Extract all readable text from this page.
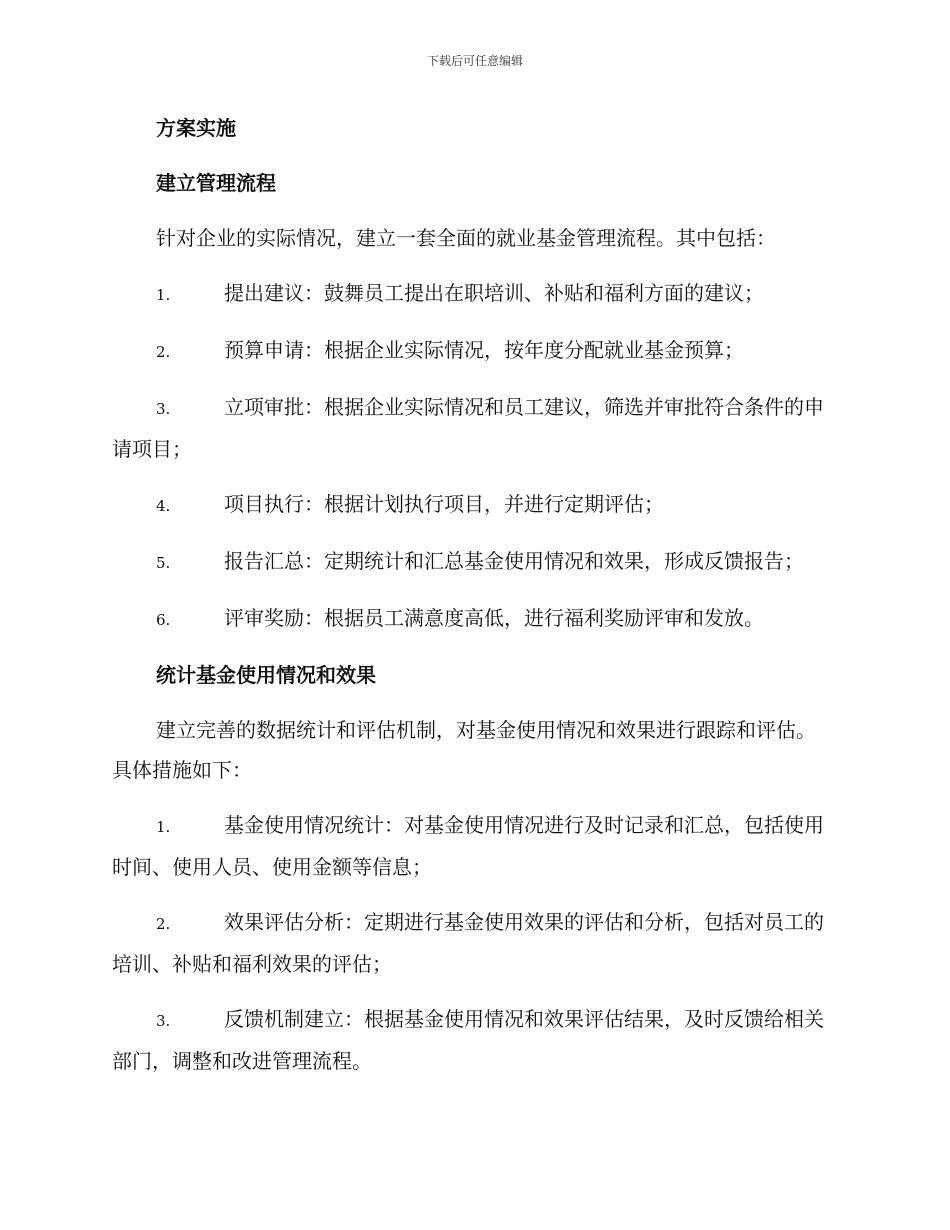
下载后可任意编辑
方案实施
建立管理流程
针对企业的实际情况，建立一套全面的就业基金管理流程。其中包括：
1.	提出建议：鼓舞员工提出在职培训、补贴和福利方面的建议；
2.	预算申请：根据企业实际情况，按年度分配就业基金预算；
3.	立项审批：根据企业实际情况和员工建议，筛选并审批符合条件的申请项目；
4.	项目执行：根据计划执行项目，并进行定期评估；
5.	报告汇总：定期统计和汇总基金使用情况和效果，形成反馈报告；
6.	评审奖励：根据员工满意度高低，进行福利奖励评审和发放。
统计基金使用情况和效果
建立完善的数据统计和评估机制，对基金使用情况和效果进行跟踪和评估。具体措施如下：
1.	基金使用情况统计：对基金使用情况进行及时记录和汇总，包括使用时间、使用人员、使用金额等信息；
2.	效果评估分析：定期进行基金使用效果的评估和分析，包括对员工的培训、补贴和福利效果的评估；
3.	反馈机制建立：根据基金使用情况和效果评估结果，及时反馈给相关部门，调整和改进管理流程。
